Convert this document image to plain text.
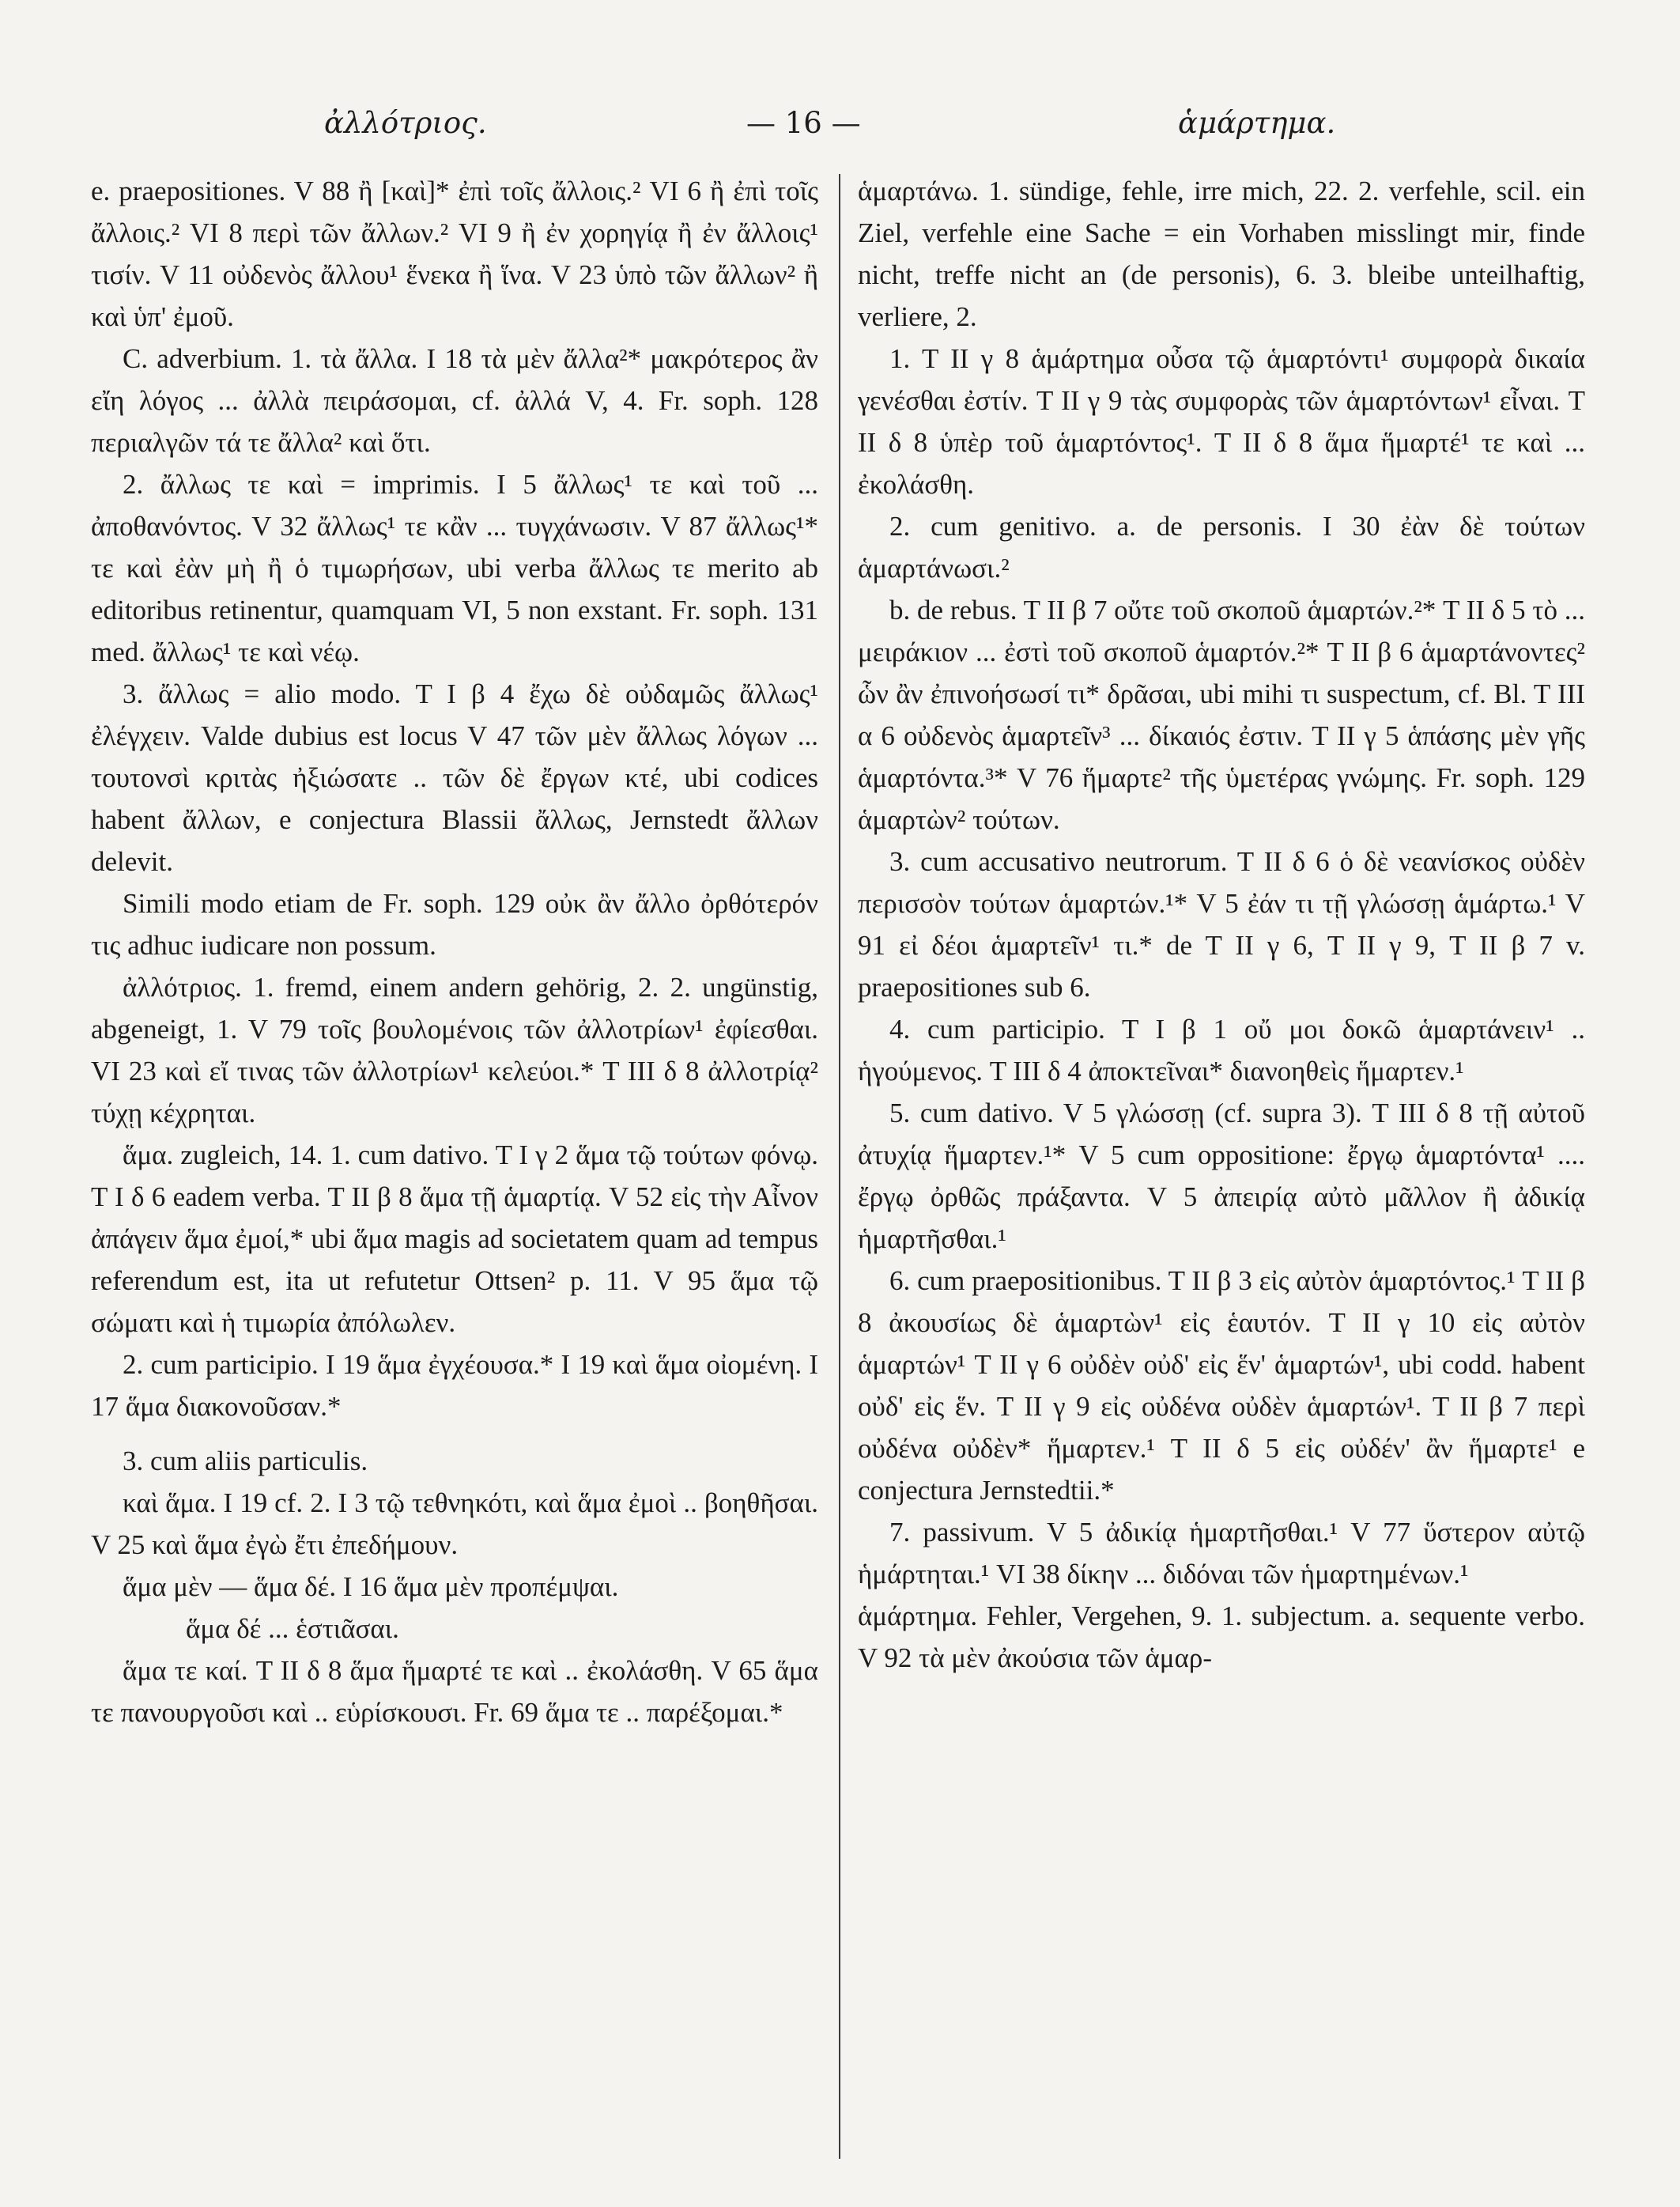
ἀλλότριος.	— 16 —	ἁμάρτημα.

e. praepositiones. V 88 ἢ [καὶ]* ἐπὶ τοῖς ἄλλοις.² VI 6 ἢ ἐπὶ τοῖς ἄλλοις.² VI 8 περὶ τῶν ἄλλων.² VI 9 ἢ ἐν χορηγίᾳ ἢ ἐν ἄλλοις¹ τισίν. V 11 οὐδενὸς ἄλλου¹ ἕνεκα ἢ ἵνα. V 23 ὑπὸ τῶν ἄλλων² ἢ καὶ ὑπ' ἐμοῦ.

C. adverbium. 1. τὰ ἄλλα. I 18 τὰ μὲν ἄλλα²* μακρότερος ἂν εἴη λόγος ... ἀλλὰ πειράσομαι, cf. ἀλλά V, 4. Fr. soph. 128 περιαλγῶν τά τε ἄλλα² καὶ ὅτι.

2. ἄλλως τε καὶ = imprimis. I 5 ἄλλως¹ τε καὶ τοῦ ... ἀποθανόντος. V 32 ἄλλως¹ τε κἂν ... τυγχάνωσιν. V 87 ἄλλως¹* τε καὶ ἐὰν μὴ ἢ ὁ τιμωρήσων, ubi verba ἄλλως τε merito ab editoribus retinentur, quamquam VI, 5 non exstant. Fr. soph. 131 med. ἄλλως¹ τε καὶ νέῳ.

3. ἄλλως = alio modo. T I β 4 ἔχω δὲ οὐδαμῶς ἄλλως¹ ἐλέγχειν. Valde dubius est locus V 47 τῶν μὲν ἄλλως λόγων ... τουτονσὶ κριτὰς ἠξιώσατε .. τῶν δὲ ἔργων κτέ, ubi codices habent ἄλλων, e conjectura Blassii ἄλλως, Jernstedt ἄλλων delevit.

Simili modo etiam de Fr. soph. 129 οὐκ ἂν ἄλλο ὀρθότερόν τις adhuc iudicare non possum.

ἀλλότριος. 1. fremd, einem andern gehörig, 2. 2. ungünstig, abgeneigt, 1. V 79 τοῖς βουλομένοις τῶν ἀλλοτρίων¹ ἐφίεσθαι. VI 23 καὶ εἴ τινας τῶν ἀλλοτρίων¹ κελεύοι.* T III δ 8 ἀλλοτρίᾳ² τύχῃ κέχρηται.

ἅμα. zugleich, 14. 1. cum dativo. T I γ 2 ἅμα τῷ τούτων φόνῳ. T I δ 6 eadem verba. T II β 8 ἅμα τῇ ἁμαρτίᾳ. V 52 εἰς τὴν Αἶνον ἀπάγειν ἅμα ἐμοί,* ubi ἅμα magis ad societatem quam ad tempus referendum est, ita ut refutetur Ottsen² p. 11. V 95 ἅμα τῷ σώματι καὶ ἡ τιμωρία ἀπόλωλεν.

2. cum participio. I 19 ἅμα ἐγχέουσα.* I 19 καὶ ἅμα οἰομένη. I 17 ἅμα διακονοῦσαν.*

3. cum aliis particulis.

καὶ ἅμα. I 19 cf. 2. I 3 τῷ τεθνηκότι, καὶ ἅμα ἐμοὶ .. βοηθῆσαι. V 25 καὶ ἅμα ἐγὼ ἔτι ἐπεδήμουν.

ἅμα μὲν — ἅμα δέ. I 16 ἅμα μὲν προπέμψαι.

ἅμα δέ ... ἑστιᾶσαι.

ἅμα τε καί. T II δ 8 ἅμα ἥμαρτέ τε καὶ .. ἐκολάσθη. V 65 ἅμα τε πανουργοῦσι καὶ .. εὑρίσκουσι. Fr. 69 ἅμα τε .. παρέξομαι.*

ἁμαρτάνω. 1. sündige, fehle, irre mich, 22. 2. verfehle, scil. ein Ziel, verfehle eine Sache = ein Vorhaben misslingt mir, finde nicht, treffe nicht an (de personis), 6. 3. bleibe unteilhaftig, verliere, 2.

1. T II γ 8 ἁμάρτημα οὖσα τῷ ἁμαρτόντι¹ συμφορὰ δικαία γενέσθαι ἐστίν. T II γ 9 τὰς συμφορὰς τῶν ἁμαρτόντων¹ εἶναι. T II δ 8 ὑπὲρ τοῦ ἁμαρτόντος¹. T II δ 8 ἅμα ἥμαρτέ¹ τε καὶ ... ἐκολάσθη.

2. cum genitivo. a. de personis. I 30 ἐὰν δὲ τούτων ἁμαρτάνωσι.²

b. de rebus. T II β 7 οὔτε τοῦ σκοποῦ ἁμαρτών.²* T II δ 5 τὸ ... μειράκιον ... ἐστὶ τοῦ σκοποῦ ἁμαρτόν.²* T II β 6 ἁμαρτάνοντες² ὧν ἂν ἐπινοήσωσί τι* δρᾶσαι, ubi mihi τι suspectum, cf. Bl. T III α 6 οὐδενὸς ἁμαρτεῖν³ ... δίκαιός ἐστιν. T II γ 5 ἁπάσης μὲν γῆς ἁμαρτόντα.³* V 76 ἥμαρτε² τῆς ὑμετέρας γνώμης. Fr. soph. 129 ἁμαρτὼν² τούτων.

3. cum accusativo neutrorum. T II δ 6 ὁ δὲ νεανίσκος οὐδὲν περισσὸν τούτων ἁμαρτών.¹* V 5 ἐάν τι τῇ γλώσσῃ ἁμάρτω.¹ V 91 εἰ δέοι ἁμαρτεῖν¹ τι.* de T II γ 6, T II γ 9, T II β 7 v. praepositiones sub 6.

4. cum participio. T I β 1 οὔ μοι δοκῶ ἁμαρτάνειν¹ .. ἡγούμενος. T III δ 4 ἀποκτεῖναι* διανοηθεὶς ἥμαρτεν.¹

5. cum dativo. V 5 γλώσσῃ (cf. supra 3). T III δ 8 τῇ αὐτοῦ ἀτυχίᾳ ἥμαρτεν.¹* V 5 cum oppositione: ἔργῳ ἁμαρτόντα¹ .... ἔργῳ ὀρθῶς πράξαντα. V 5 ἀπειρίᾳ αὐτὸ μᾶλλον ἢ ἀδικίᾳ ἡμαρτῆσθαι.¹

6. cum praepositionibus. T II β 3 εἰς αὐτὸν ἁμαρτόντος.¹ T II β 8 ἀκουσίως δὲ ἁμαρτὼν¹ εἰς ἑαυτόν. T II γ 10 εἰς αὐτὸν ἁμαρτών¹ T II γ 6 οὐδὲν οὐδ' εἰς ἕν' ἁμαρτών¹, ubi codd. habent οὐδ' εἰς ἕν. T II γ 9 εἰς οὐδένα οὐδὲν ἁμαρτών¹. T II β 7 περὶ οὐδένα οὐδὲν* ἥμαρτεν.¹ T II δ 5 εἰς οὐδέν' ἂν ἥμαρτε¹ e conjectura Jernstedtii.*

7. passivum. V 5 ἀδικίᾳ ἡμαρτῆσθαι.¹ V 77 ὕστερον αὐτῷ ἡμάρτηται.¹ VI 38 δίκην ... διδόναι τῶν ἡμαρτημένων.¹

ἁμάρτημα. Fehler, Vergehen, 9. 1. subjectum. a. sequente verbo. V 92 τὰ μὲν ἀκούσια τῶν ἁμαρ-
